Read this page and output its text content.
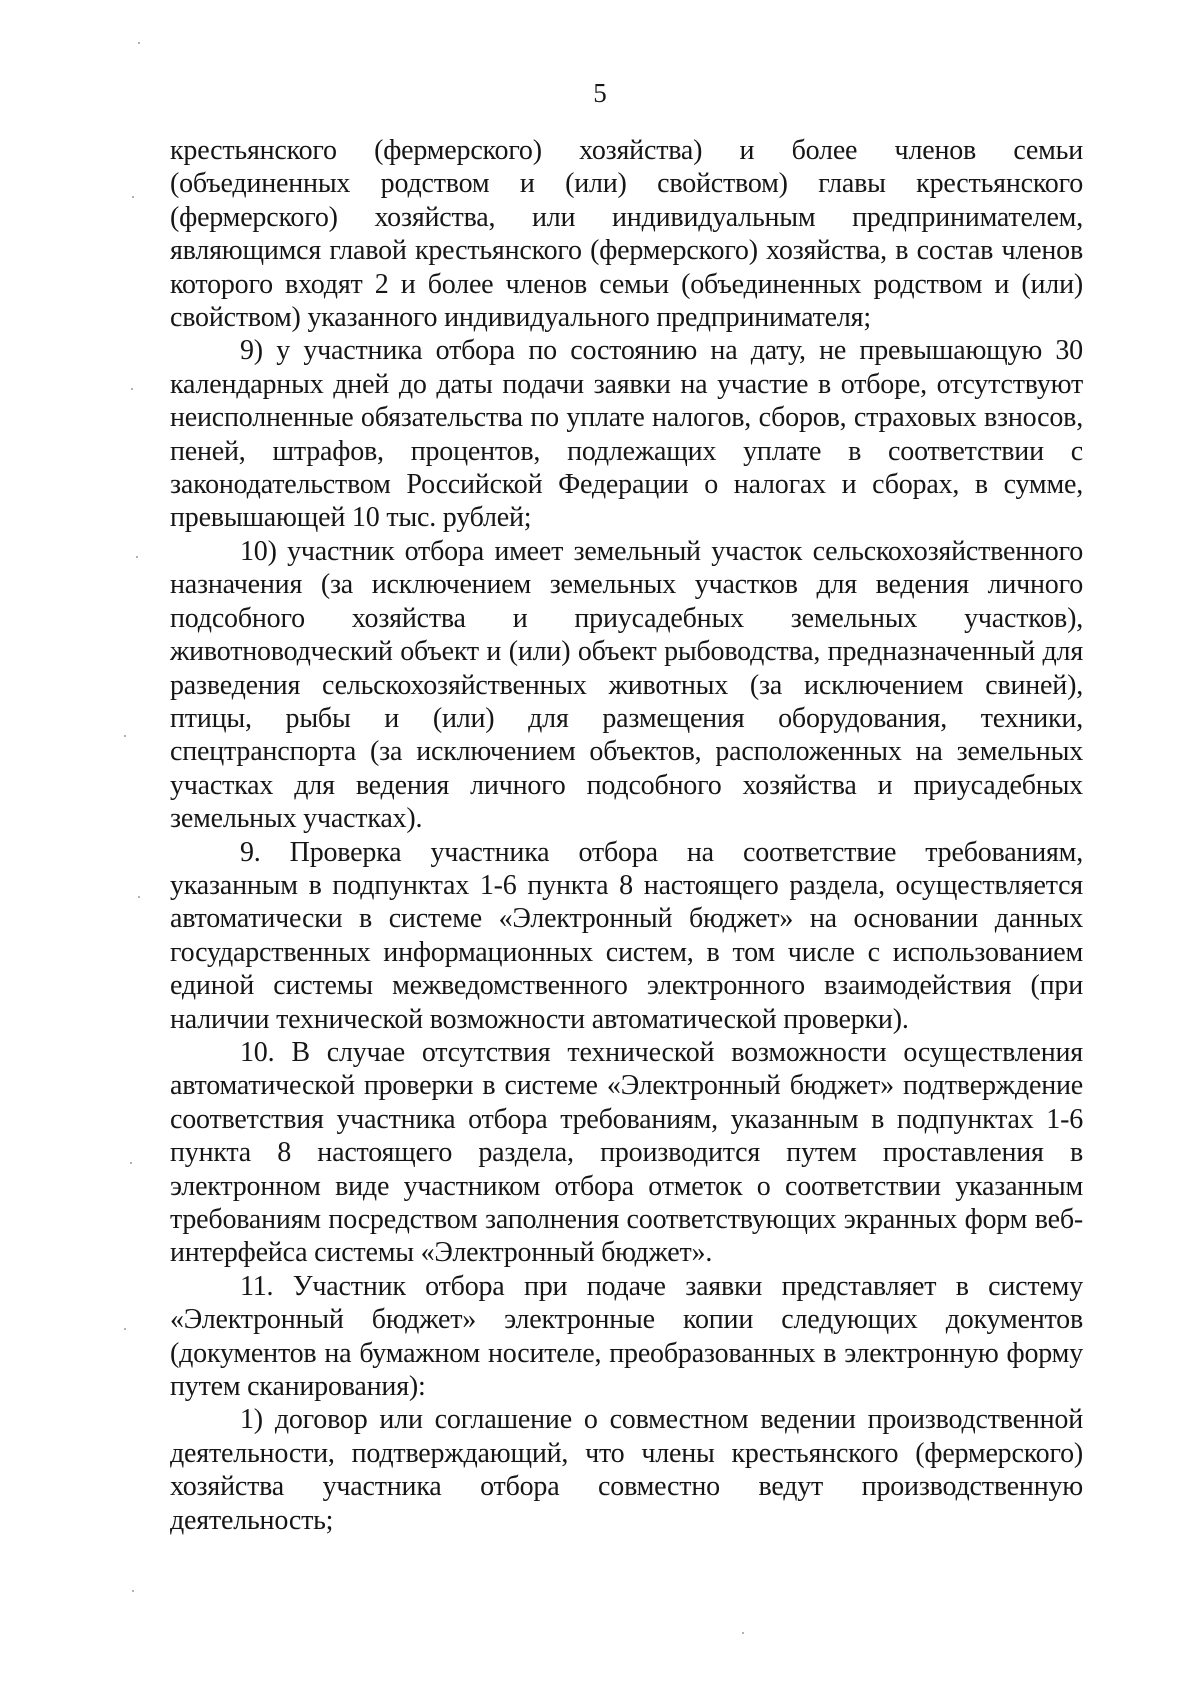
5

крестьянского (фермерского) хозяйства) и более членов семьи (объединенных родством и (или) свойством) главы крестьянского (фермерского) хозяйства, или индивидуальным предпринимателем, являющимся главой крестьянского (фермерского) хозяйства, в состав членов которого входят 2 и более членов семьи (объединенных родством и (или) свойством) указанного индивидуального предпринимателя;

9) у участника отбора по состоянию на дату, не превышающую 30 календарных дней до даты подачи заявки на участие в отборе, отсутствуют неисполненные обязательства по уплате налогов, сборов, страховых взносов, пеней, штрафов, процентов, подлежащих уплате в соответствии с законодательством Российской Федерации о налогах и сборах, в сумме, превышающей 10 тыс. рублей;

10) участник отбора имеет земельный участок сельскохозяйственного назначения (за исключением земельных участков для ведения личного подсобного хозяйства и приусадебных земельных участков), животноводческий объект и (или) объект рыбоводства, предназначенный для разведения сельскохозяйственных животных (за исключением свиней), птицы, рыбы и (или) для размещения оборудования, техники, спецтранспорта (за исключением объектов, расположенных на земельных участках для ведения личного подсобного хозяйства и приусадебных земельных участках).

9. Проверка участника отбора на соответствие требованиям, указанным в подпунктах 1-6 пункта 8 настоящего раздела, осуществляется автоматически в системе «Электронный бюджет» на основании данных государственных информационных систем, в том числе с использованием единой системы межведомственного электронного взаимодействия (при наличии технической возможности автоматической проверки).

10. В случае отсутствия технической возможности осуществления автоматической проверки в системе «Электронный бюджет» подтверждение соответствия участника отбора требованиям, указанным в подпунктах 1-6 пункта 8 настоящего раздела, производится путем проставления в электронном виде участником отбора отметок о соответствии указанным требованиям посредством заполнения соответствующих экранных форм веб-интерфейса системы «Электронный бюджет».

11. Участник отбора при подаче заявки представляет в систему «Электронный бюджет» электронные копии следующих документов (документов на бумажном носителе, преобразованных в электронную форму путем сканирования):

1) договор или соглашение о совместном ведении производственной деятельности, подтверждающий, что члены крестьянского (фермерского) хозяйства участника отбора совместно ведут производственную деятельность;
